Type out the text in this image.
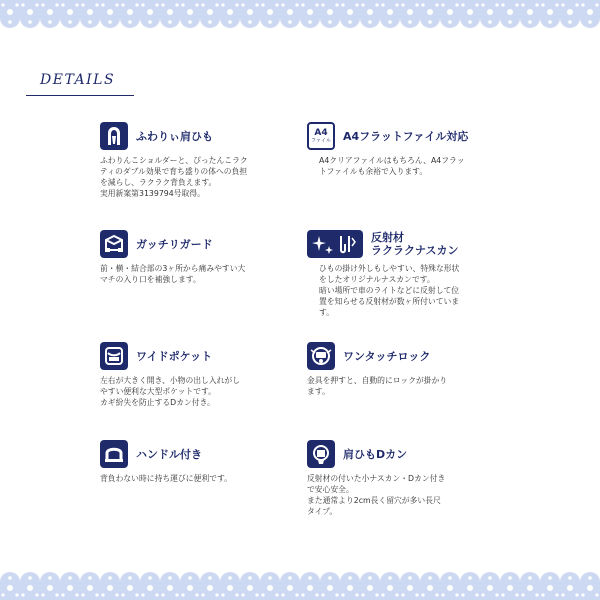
DETAILS
ふわりぃ肩ひも
ふわりんこショルダーと、ぴったんこラク
ティのダブル効果で育ち盛りの体への負担
を減らし、ラクラク背負えます。
実用新案第3139794号取得。
A4
ファイル A4フラットファイル対応
A4クリアファイルはもちろん、A4フラッ
トファイルも余裕で入ります。
ガッチリガード
前・横・結合部の3ヶ所から痛みやすい大
マチの入り口を補強します。
反射材
ラクラクナスカン
ひもの掛け外しもしやすい、特殊な形状
をしたオリジナルナスカンです。
暗い場所で車のライトなどに反射して位
置を知らせる反射材が数ヶ所付いていま
す。
ワイドポケット
左右が大きく開き、小物の出し入れがし
やすい便利な大型ポケットです。
カギ紛失を防止するDカン付き。
ワンタッチロック
金具を押すと、自動的にロックが掛かり
ます。
ハンドル付き
背負わない時に持ち運びに便利です。
肩ひもDカン
反射材の付いた小ナスカン・Dカン付き
で安心安全。
また通常より2cm長く留穴が多い長尺
タイプ。
